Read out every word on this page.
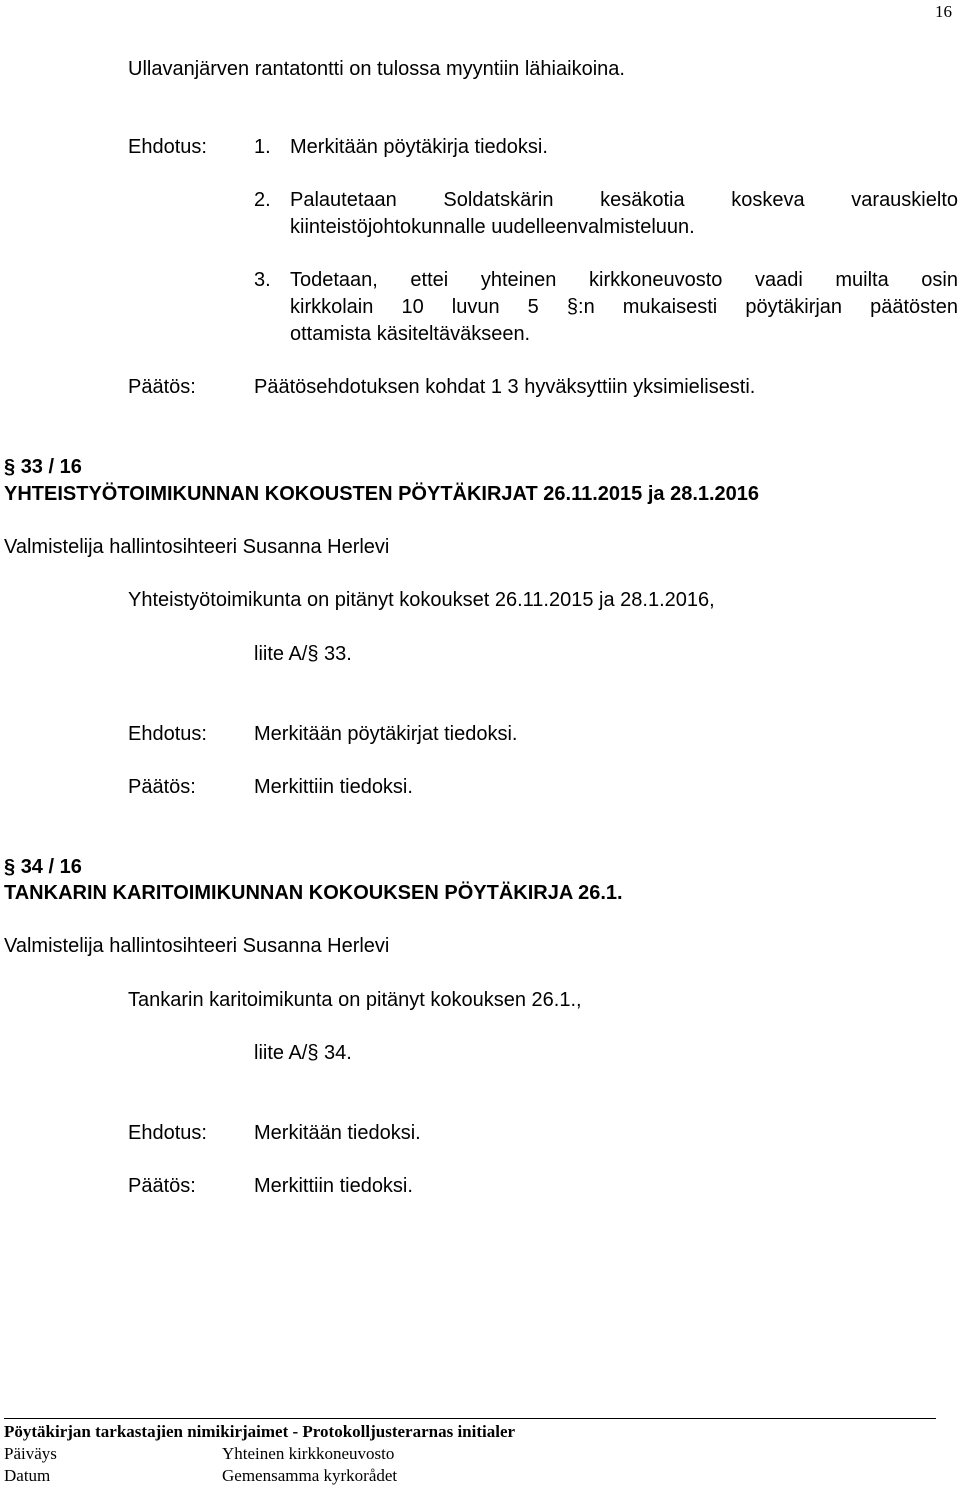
16
Ullavanjärven rantatontti on tulossa myyntiin lähiaikoina.
Ehdotus: 1. Merkitään pöytäkirja tiedoksi.
2. Palautetaan Soldatskärin kesäkotia koskeva varauskielto
kiinteistöjohtokunnalle uudelleenvalmisteluun.
3. Todetaan, ettei yhteinen kirkkoneuvosto vaadi muilta osin
kirkkolain 10 luvun 5 §:n mukaisesti pöytäkirjan päätösten
ottamista käsiteltäväkseen.
Päätös:	Päätösehdotuksen kohdat 1 3 hyväksyttiin yksimielisesti.
§ 33 / 16
YHTEISTYÖTOIMIKUNNAN KOKOUSTEN PÖYTÄKIRJAT 26.11.2015 ja 28.1.2016
Valmistelija hallintosihteeri Susanna Herlevi
Yhteistyötoimikunta on pitänyt kokoukset 26.11.2015 ja 28.1.2016,
liite A/§ 33.
Ehdotus: Merkitään pöytäkirjat tiedoksi.
Päätös:	Merkittiin tiedoksi.
§ 34 / 16
TANKARIN KARITOIMIKUNNAN KOKOUKSEN PÖYTÄKIRJA 26.1.
Valmistelija hallintosihteeri Susanna Herlevi
Tankarin karitoimikunta on pitänyt kokouksen 26.1.,
liite A/§ 34.
Ehdotus: Merkitään tiedoksi.
Päätös:	Merkittiin tiedoksi.
Pöytäkirjan tarkastajien nimikirjaimet - Protokolljusterarnas initialer
Päiväys	Yhteinen kirkkoneuvosto
Datum	Gemensamma kyrkorådet
